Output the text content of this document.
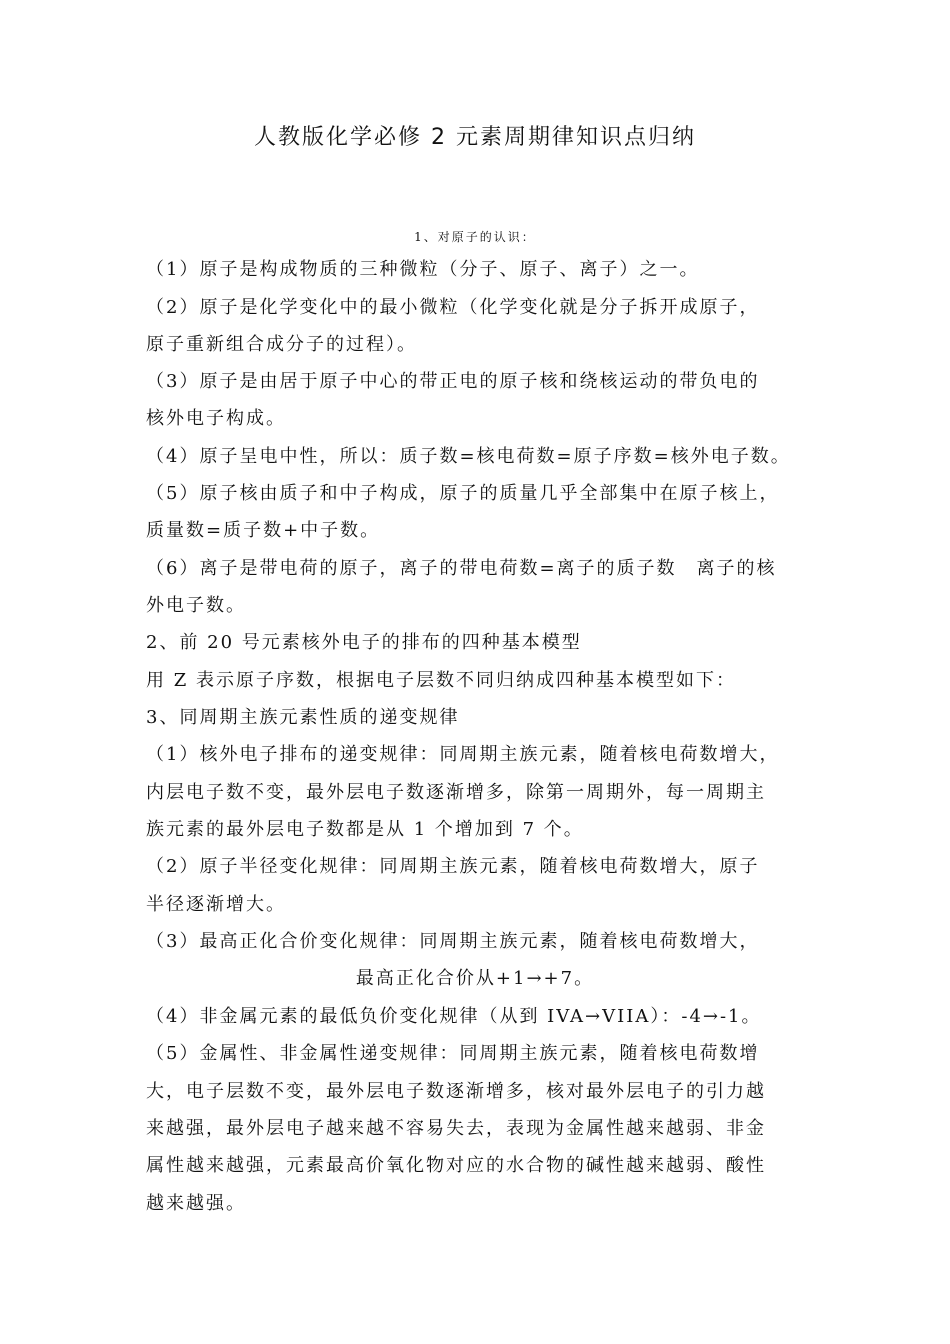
人教版化学必修 2 元素周期律知识点归纳
1、对原子的认识：
（1）原子是构成物质的三种微粒（分子、原子、离子）之一。
（2）原子是化学变化中的最小微粒（化学变化就是分子拆开成原子，
原子重新组合成分子的过程）。
（3）原子是由居于原子中心的带正电的原子核和绕核运动的带负电的
核外电子构成。
（4）原子呈电中性，所以：质子数=核电荷数=原子序数=核外电子数。
（5）原子核由质子和中子构成，原子的质量几乎全部集中在原子核上，
质量数=质子数+中子数。
（6）离子是带电荷的原子，离子的带电荷数=离子的质子数　离子的核
外电子数。
2、前 20 号元素核外电子的排布的四种基本模型
用 Z 表示原子序数，根据电子层数不同归纳成四种基本模型如下：
3、同周期主族元素性质的递变规律
（1）核外电子排布的递变规律：同周期主族元素，随着核电荷数增大，
内层电子数不变，最外层电子数逐渐增多，除第一周期外，每一周期主
族元素的最外层电子数都是从 1 个增加到 7 个。
（2）原子半径变化规律：同周期主族元素，随着核电荷数增大，原子
半径逐渐增大。
（3）最高正化合价变化规律：同周期主族元素，随着核电荷数增大，
最高正化合价从+1→+7。
（4）非金属元素的最低负价变化规律（从到 IVA→VIIA）：-4→-1。
（5）金属性、非金属性递变规律：同周期主族元素，随着核电荷数增
大，电子层数不变，最外层电子数逐渐增多，核对最外层电子的引力越
来越强，最外层电子越来越不容易失去，表现为金属性越来越弱、非金
属性越来越强，元素最高价氧化物对应的水合物的碱性越来越弱、酸性
越来越强。
